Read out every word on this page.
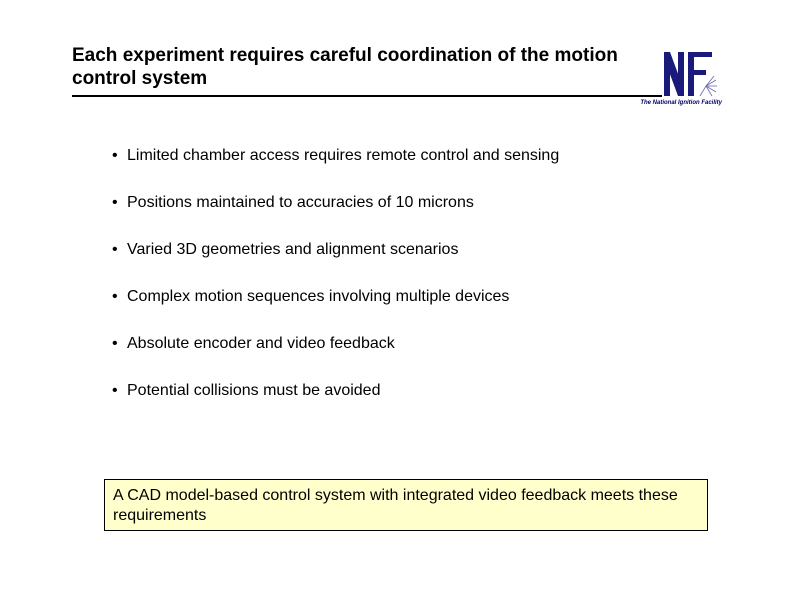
Each experiment requires careful coordination of the motion control system
The National Ignition Facility
• Limited chamber access requires remote control and sensing
• Positions maintained to accuracies of 10 microns
• Varied 3D geometries and alignment scenarios
• Complex motion sequences involving multiple devices
• Absolute encoder and video feedback
• Potential collisions must be avoided
A CAD model-based control system with integrated video feedback meets these requirements
